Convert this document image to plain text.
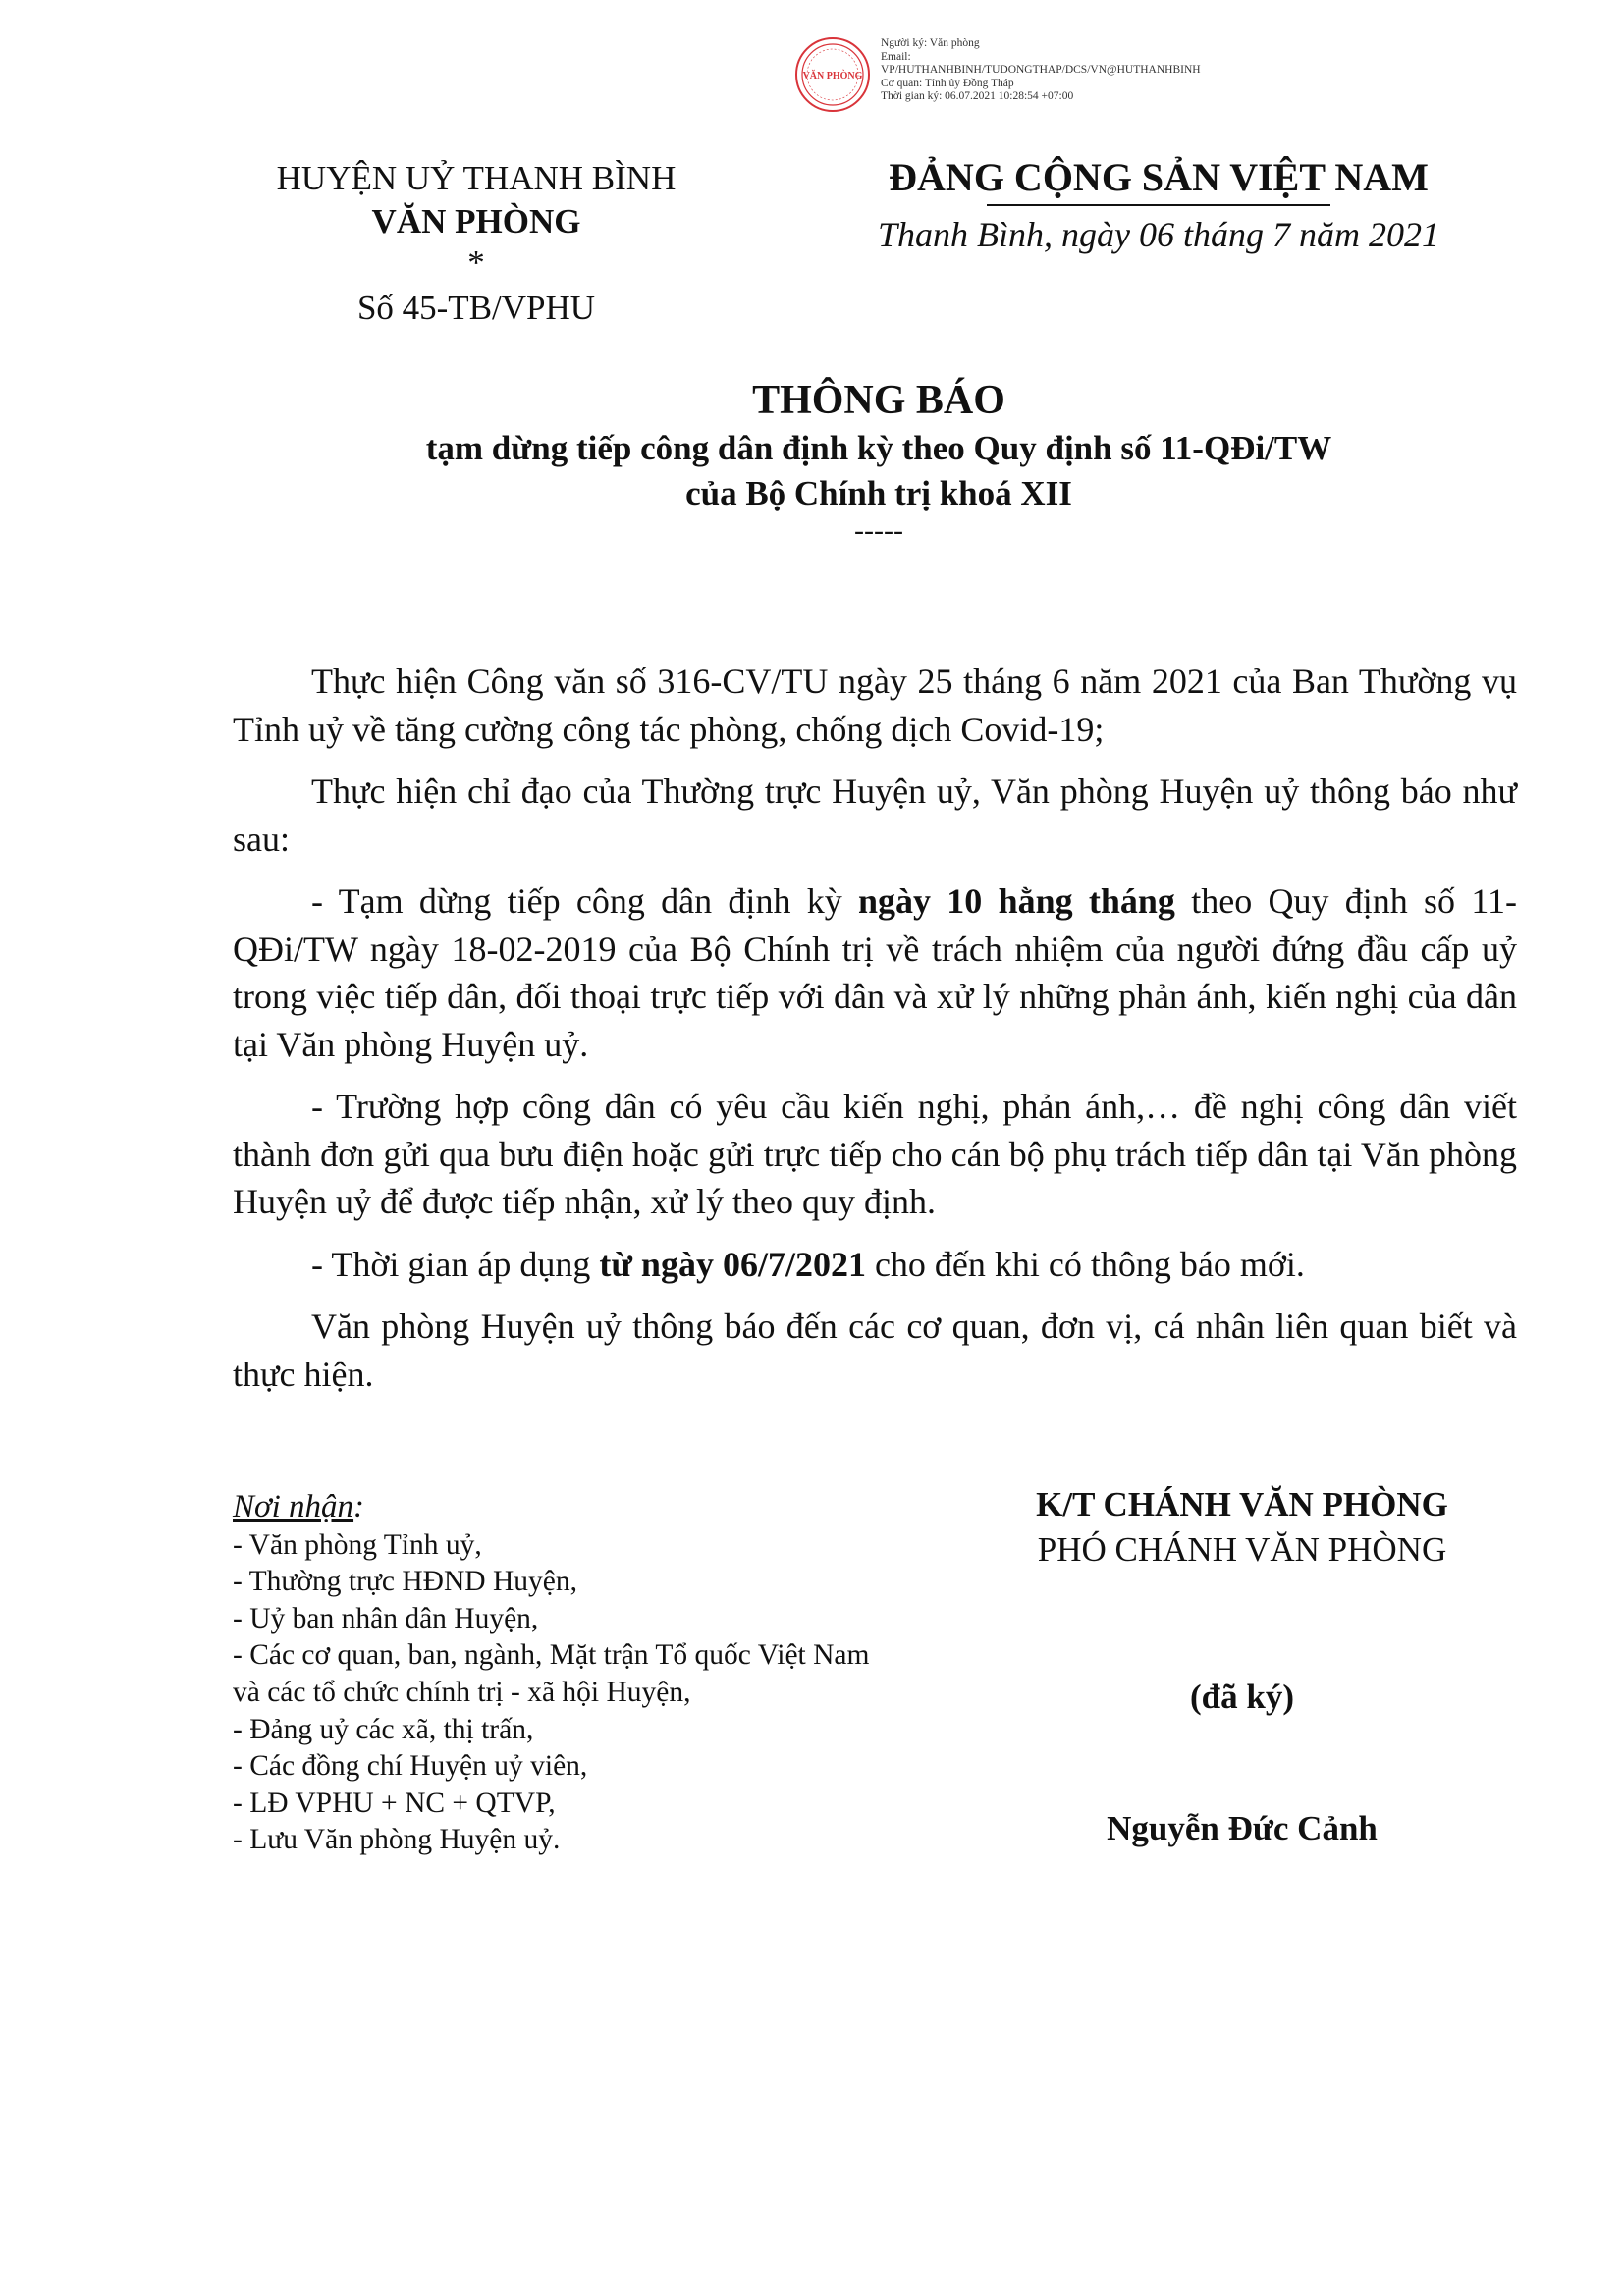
VĂN PHÒNG
Người ký: Văn phòng
Email:
VP/HUTHANHBINH/TUDONGTHAP/DCS/VN@HUTHANHBINH
Cơ quan: Tỉnh ủy Đồng Tháp
Thời gian ký: 06.07.2021 10:28:54 +07:00
HUYỆN UỶ THANH BÌNH
VĂN PHÒNG
*
Số 45-TB/VPHU
ĐẢNG CỘNG SẢN VIỆT NAM
Thanh Bình, ngày 06 tháng 7 năm 2021
THÔNG BÁO
tạm dừng tiếp công dân định kỳ theo Quy định số 11-QĐi/TW
của Bộ Chính trị khoá XII
-----

Thực hiện Công văn số 316-CV/TU ngày 25 tháng 6 năm 2021 của Ban Thường vụ Tỉnh uỷ về tăng cường công tác phòng, chống dịch Covid-19;

Thực hiện chỉ đạo của Thường trực Huyện uỷ, Văn phòng Huyện uỷ thông báo như sau:

- Tạm dừng tiếp công dân định kỳ ngày 10 hằng tháng theo Quy định số 11-QĐi/TW ngày 18-02-2019 của Bộ Chính trị về trách nhiệm của người đứng đầu cấp uỷ trong việc tiếp dân, đối thoại trực tiếp với dân và xử lý những phản ánh, kiến nghị của dân tại Văn phòng Huyện uỷ.

- Trường hợp công dân có yêu cầu kiến nghị, phản ánh,… đề nghị công dân viết thành đơn gửi qua bưu điện hoặc gửi trực tiếp cho cán bộ phụ trách tiếp dân tại Văn phòng Huyện uỷ để được tiếp nhận, xử lý theo quy định.

- Thời gian áp dụng từ ngày 06/7/2021 cho đến khi có thông báo mới.

Văn phòng Huyện uỷ thông báo đến các cơ quan, đơn vị, cá nhân liên quan biết và thực hiện.

Nơi nhận:
- Văn phòng Tỉnh uỷ,
- Thường trực HĐND Huyện,
- Uỷ ban nhân dân Huyện,
- Các cơ quan, ban, ngành, Mặt trận Tổ quốc Việt Nam
và các tổ chức chính trị - xã hội Huyện,
- Đảng uỷ các xã, thị trấn,
- Các đồng chí Huyện uỷ viên,
- LĐ VPHU + NC + QTVP,
- Lưu Văn phòng Huyện uỷ.
K/T CHÁNH VĂN PHÒNG
PHÓ CHÁNH VĂN PHÒNG
(đã ký)
Nguyễn Đức Cảnh
